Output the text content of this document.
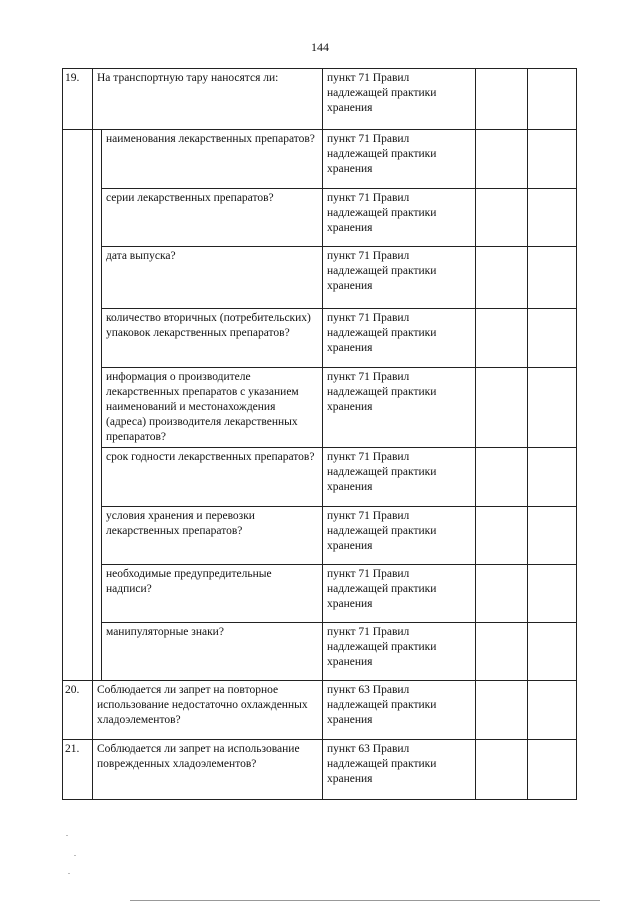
144
19.	На транспортную тару наносятся ли:		пункт 71 Правил надлежащей практики хранения		
		наименования лекарственных препаратов?	пункт 71 Правил надлежащей практики хранения		
		серии лекарственных препаратов?	пункт 71 Правил надлежащей практики хранения		
		дата выпуска?	пункт 71 Правил надлежащей практики хранения		
		количество вторичных (потребительских) упаковок лекарственных препаратов?	пункт 71 Правил надлежащей практики хранения		
		информация о производителе лекарственных препаратов с указанием наименований и местонахождения (адреса) производителя лекарственных препаратов?	пункт 71 Правил надлежащей практики хранения		
		срок годности лекарственных препаратов?	пункт 71 Правил надлежащей практики хранения		
		условия хранения и перевозки лекарственных препаратов?	пункт 71 Правил надлежащей практики хранения		
		необходимые предупредительные надписи?	пункт 71 Правил надлежащей практики хранения		
		манипуляторные знаки?	пункт 71 Правил надлежащей практики хранения		
20.	Соблюдается ли запрет на повторное использование недостаточно охлажденных хладоэлементов?		пункт 63 Правил надлежащей практики хранения		
21.	Соблюдается ли запрет на использование поврежденных хладоэлементов?		пункт 63 Правил надлежащей практики хранения		
